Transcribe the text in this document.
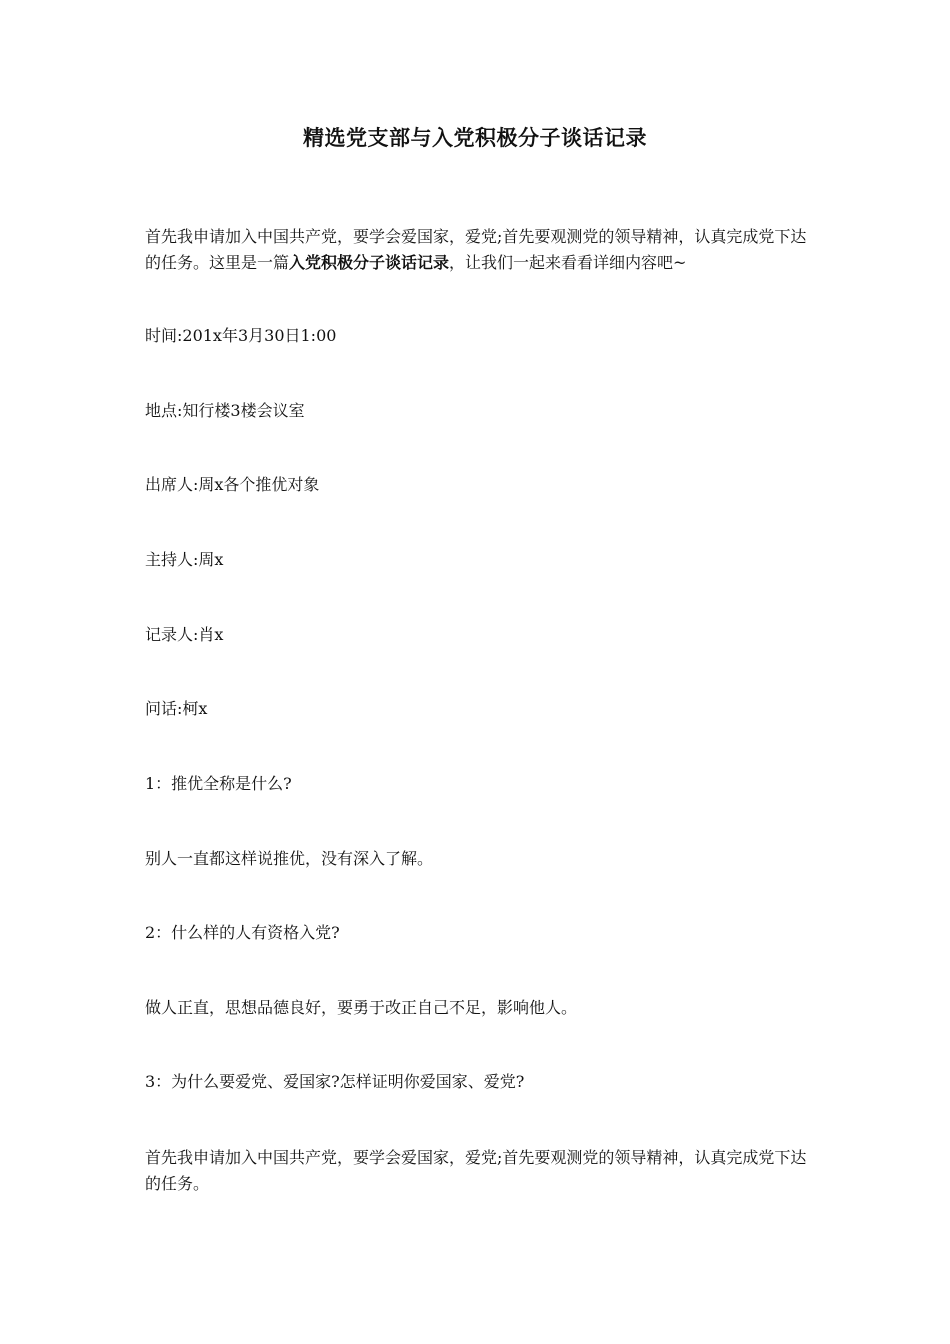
精选党支部与入党积极分子谈话记录

首先我申请加入中国共产党，要学会爱国家，爱党;首先要观测党的领导精神，认真完成党下达的任务。这里是一篇入党积极分子谈话记录，让我们一起来看看详细内容吧~

时间:201x年3月30日1:00

地点:知行楼3楼会议室

出席人:周x各个推优对象

主持人:周x

记录人:肖x

问话:柯x

1：推优全称是什么?

别人一直都这样说推优，没有深入了解。

2：什么样的人有资格入党?

做人正直，思想品德良好，要勇于改正自己不足，影响他人。

3：为什么要爱党、爱国家?怎样证明你爱国家、爱党?

首先我申请加入中国共产党，要学会爱国家，爱党;首先要观测党的领导精神，认真完成党下达的任务。
